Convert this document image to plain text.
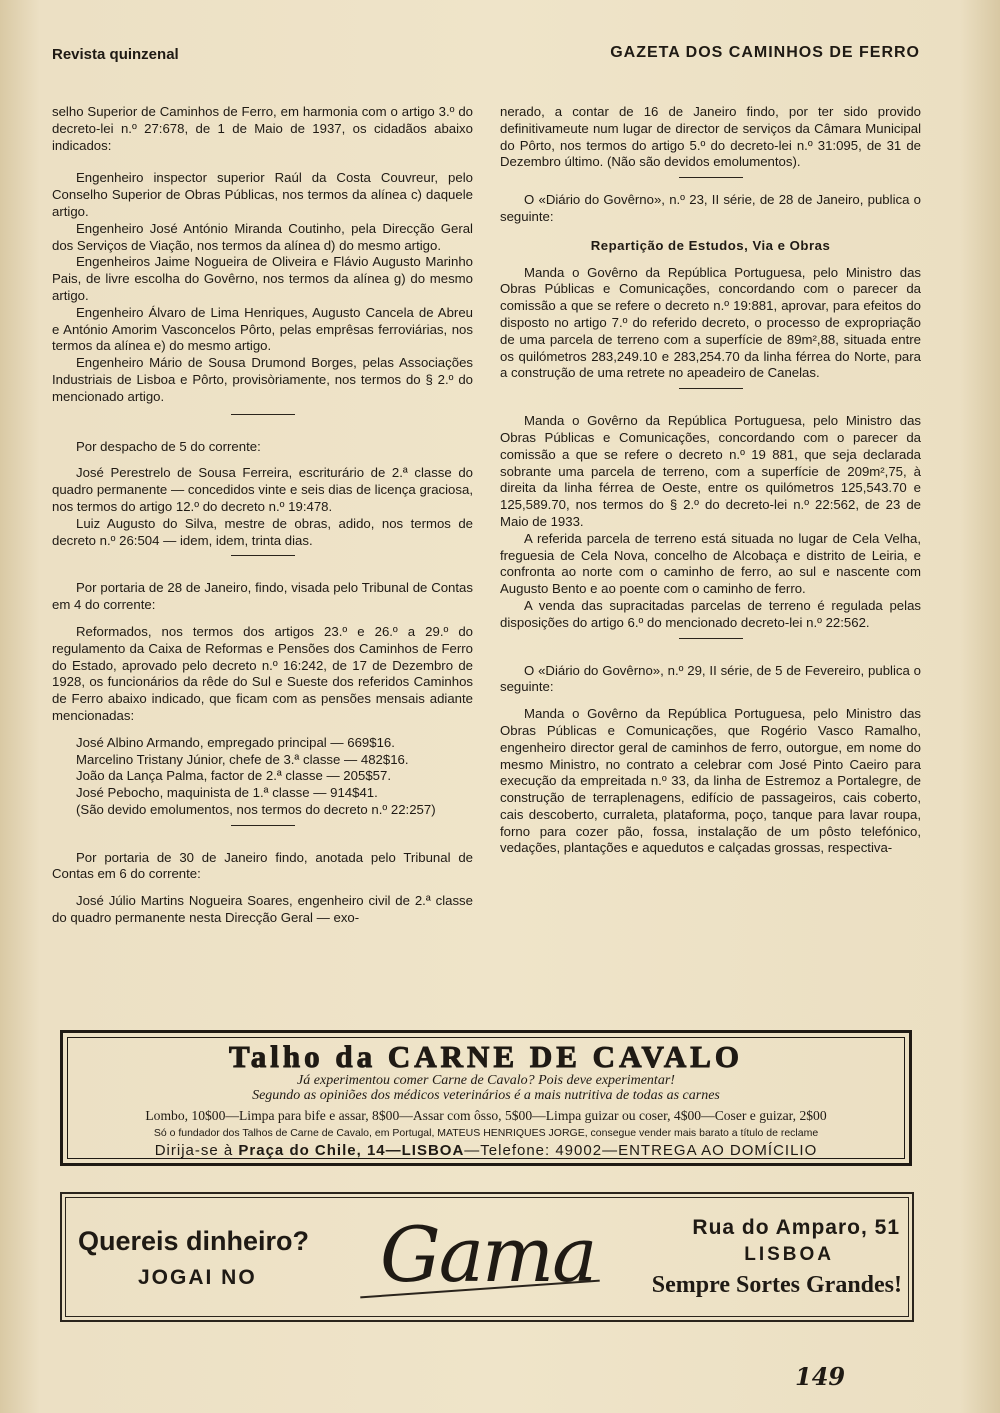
Revista quinzenal	GAZETA DOS CAMINHOS DE FERRO

selho Superior de Caminhos de Ferro, em harmonia com o artigo 3.º do decreto-lei n.º 27:678, de 1 de Maio de 1937, os cidadãos abaixo indicados:

Engenheiro inspector superior Raúl da Costa Couvreur, pelo Conselho Superior de Obras Públicas, nos termos da alínea c) daquele artigo.

Engenheiro José António Miranda Coutinho, pela Direcção Geral dos Serviços de Viação, nos termos da alínea d) do mesmo artigo.

Engenheiros Jaime Nogueira de Oliveira e Flávio Augusto Marinho Pais, de livre escolha do Govêrno, nos termos da alínea g) do mesmo artigo.

Engenheiro Álvaro de Lima Henriques, Augusto Cancela de Abreu e António Amorim Vasconcelos Pôrto, pelas emprêsas ferroviárias, nos termos da alínea e) do mesmo artigo.

Engenheiro Mário de Sousa Drumond Borges, pelas Associações Industriais de Lisboa e Pôrto, provisòriamente, nos termos do § 2.º do mencionado artigo.

Por despacho de 5 do corrente:

José Perestrelo de Sousa Ferreira, escriturário de 2.ª classe do quadro permanente — concedidos vinte e seis dias de licença graciosa, nos termos do artigo 12.º do decreto n.º 19:478.

Luiz Augusto do Silva, mestre de obras, adido, nos termos de decreto n.º 26:504 — idem, idem, trinta dias.

Por portaria de 28 de Janeiro, findo, visada pelo Tribunal de Contas em 4 do corrente:

Reformados, nos termos dos artigos 23.º e 26.º a 29.º do regulamento da Caixa de Reformas e Pensões dos Caminhos de Ferro do Estado, aprovado pelo decreto n.º 16:242, de 17 de Dezembro de 1928, os funcionários da rêde do Sul e Sueste dos referidos Caminhos de Ferro abaixo indicado, que ficam com as pensões mensais adiante mencionadas:

José Albino Armando, empregado principal — 669$16.

Marcelino Tristany Júnior, chefe de 3.ª classe — 482$16.

João da Lança Palma, factor de 2.ª classe — 205$57.

José Pebocho, maquinista de 1.ª classe — 914$41.

(São devido emolumentos, nos termos do decreto n.º 22:257)

Por portaria de 30 de Janeiro findo, anotada pelo Tribunal de Contas em 6 do corrente:

José Júlio Martins Nogueira Soares, engenheiro civil de 2.ª classe do quadro permanente nesta Direcção Geral — exo-

nerado, a contar de 16 de Janeiro findo, por ter sido provido definitivameute num lugar de director de serviços da Câmara Municipal do Pôrto, nos termos do artigo 5.º do decreto-lei n.º 31:095, de 31 de Dezembro último. (Não são devidos emolumentos).

O «Diário do Govêrno», n.º 23, II série, de 28 de Janeiro, publica o seguinte:

Repartição de Estudos, Via e Obras

Manda o Govêrno da República Portuguesa, pelo Ministro das Obras Públicas e Comunicações, concordando com o parecer da comissão a que se refere o decreto n.º 19:881, aprovar, para efeitos do disposto no artigo 7.º do referido decreto, o processo de expropriação de uma parcela de terreno com a superfície de 89m²,88, situada entre os quilómetros 283,249.10 e 283,254.70 da linha férrea do Norte, para a construção de uma retrete no apeadeiro de Canelas.

Manda o Govêrno da República Portuguesa, pelo Ministro das Obras Públicas e Comunicações, concordando com o parecer da comissão a que se refere o decreto n.º 19 881, que seja declarada sobrante uma parcela de terreno, com a superfície de 209m²,75, à direita da linha férrea de Oeste, entre os quilómetros 125,543.70 e 125,589.70, nos termos do § 2.º do decreto-lei n.º 22:562, de 23 de Maio de 1933.

A referida parcela de terreno está situada no lugar de Cela Velha, freguesia de Cela Nova, concelho de Alcobaça e distrito de Leiria, e confronta ao norte com o caminho de ferro, ao sul e nascente com Augusto Bento e ao poente com o caminho de ferro.

A venda das supracitadas parcelas de terreno é regulada pelas disposições do artigo 6.º do mencionado decreto-lei n.º 22:562.

O «Diário do Govêrno», n.º 29, II série, de 5 de Fevereiro, publica o seguinte:

Manda o Govêrno da República Portuguesa, pelo Ministro das Obras Públicas e Comunicações, que Rogério Vasco Ramalho, engenheiro director geral de caminhos de ferro, outorgue, em nome do mesmo Ministro, no contrato a celebrar com José Pinto Caeiro para execução da empreitada n.º 33, da linha de Estremoz a Portalegre, de construção de terraplenagens, edifício de passageiros, cais coberto, cais descoberto, curraleta, plataforma, poço, tanque para lavar roupa, forno para cozer pão, fossa, instalação de um pôsto telefónico, vedações, plantações e aquedutos e calçadas grossas, respectiva-

Talho da CARNE DE CAVALO
Já experimentou comer Carne de Cavalo? Pois deve experimentar!
Segundo as opiniões dos médicos veterinários é a mais nutritiva de todas as carnes
Lombo, 10$00—Limpa para bife e assar, 8$00—Assar com ôsso, 5$00—Limpa guizar ou coser, 4$00—Coser e guizar, 2$00
Só o fundador dos Talhos de Carne de Cavalo, em Portugal, MATEUS HENRIQUES JORGE, consegue vender mais barato a título de reclame
Dirija-se à Praça do Chile, 14—LISBOA—Telefone: 49002—ENTREGA AO DOMÍCILIO
Quereis dinheiro?
JOGAI NO Gama	Rua do Amparo, 51
LISBOA
Sempre Sortes Grandes!
149
